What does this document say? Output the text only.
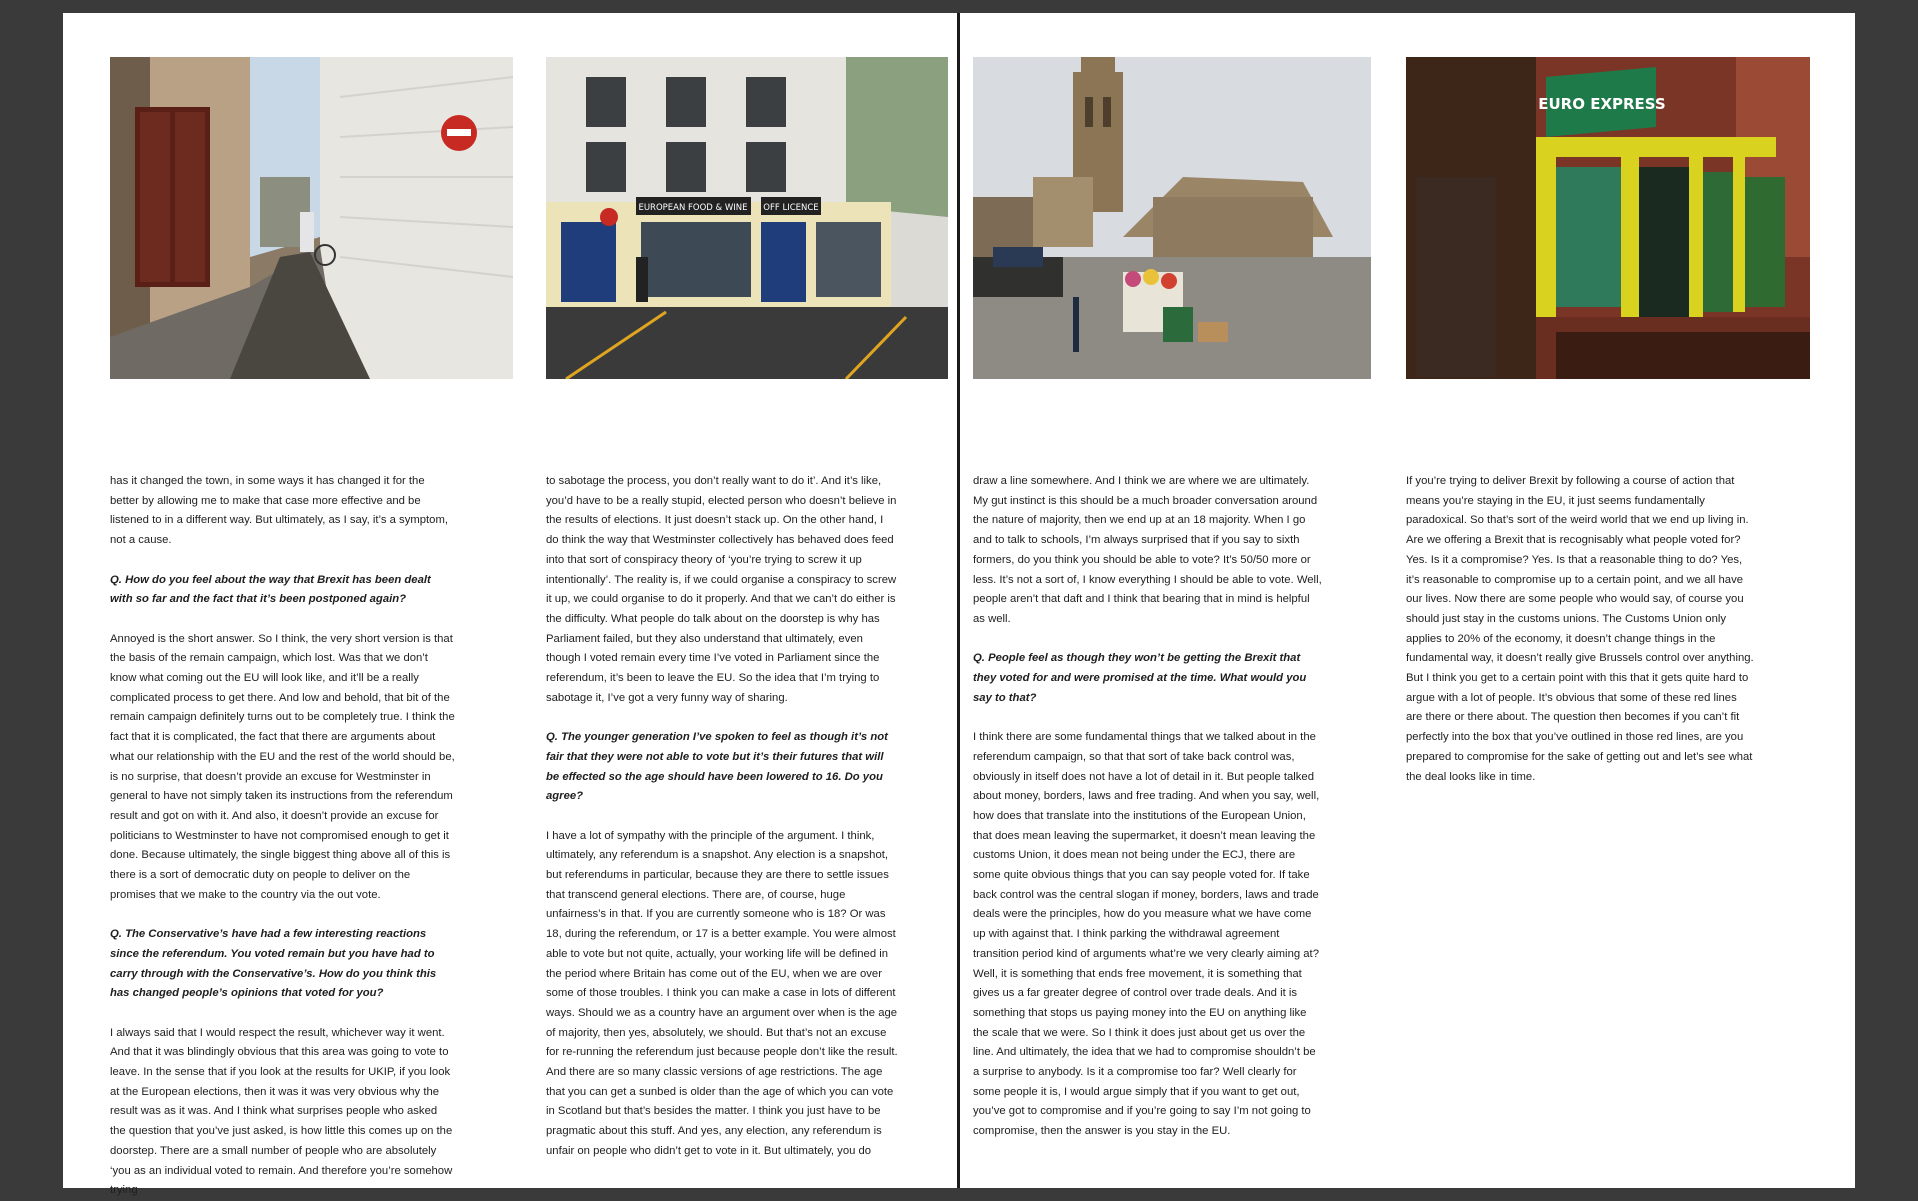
EUROPEAN FOOD & WINE OFF LICENCE
EURO EXPRESS

has it changed the town, in some ways it has changed it for the better by allowing me to make that case more effective and be listened to in a different way. But ultimately, as I say, it’s a symptom, not a cause.

Q. How do you feel about the way that Brexit has been dealt with so far and the fact that it’s been postponed again?

Annoyed is the short answer. So I think, the very short version is that the basis of the remain campaign, which lost. Was that we don’t know what coming out the EU will look like, and it’ll be a really complicated process to get there. And low and behold, that bit of the remain campaign definitely turns out to be completely true. I think the fact that it is complicated, the fact that there are arguments about what our relationship with the EU and the rest of the world should be, is no surprise, that doesn’t provide an excuse for Westminster in general to have not simply taken its instructions from the referendum result and got on with it. And also, it doesn’t provide an excuse for politicians to Westminster to have not compromised enough to get it done. Because ultimately, the single biggest thing above all of this is there is a sort of democratic duty on people to deliver on the promises that we make to the country via the out vote.

Q. The Conservative’s have had a few interesting reactions since the referendum. You voted remain but you have had to carry through with the Conservative’s. How do you think this has changed people’s opinions that voted for you?

I always said that I would respect the result, whichever way it went. And that it was blindingly obvious that this area was going to vote to leave. In the sense that if you look at the results for UKIP, if you look at the European elections, then it was it was very obvious why the result was as it was. And I think what surprises people who asked the question that you’ve just asked, is how little this comes up on the doorstep. There are a small number of people who are absolutely ‘you as an individual voted to remain. And therefore you’re somehow trying

to sabotage the process, you don’t really want to do it’. And it’s like, you’d have to be a really stupid, elected person who doesn’t believe in the results of elections. It just doesn’t stack up. On the other hand, I do think the way that Westminster collectively has behaved does feed into that sort of conspiracy theory of ‘you’re trying to screw it up intentionally’. The reality is, if we could organise a conspiracy to screw it up, we could organise to do it properly. And that we can’t do either is the difficulty. What people do talk about on the doorstep is why has Parliament failed, but they also understand that ultimately, even though I voted remain every time I’ve voted in Parliament since the referendum, it’s been to leave the EU. So the idea that I’m trying to sabotage it, I’ve got a very funny way of sharing.

Q. The younger generation I’ve spoken to feel as though it’s not fair that they were not able to vote but it’s their futures that will be effected so the age should have been lowered to 16. Do you agree?

I have a lot of sympathy with the principle of the argument. I think, ultimately, any referendum is a snapshot. Any election is a snapshot, but referendums in particular, because they are there to settle issues that transcend general elections. There are, of course, huge unfairness’s in that. If you are currently someone who is 18? Or was 18, during the referendum, or 17 is a better example. You were almost able to vote but not quite, actually, your working life will be defined in the period where Britain has come out of the EU, when we are over some of those troubles. I think you can make a case in lots of different ways. Should we as a country have an argument over when is the age of majority, then yes, absolutely, we should. But that’s not an excuse for re-running the referendum just because people don’t like the result. And there are so many classic versions of age restrictions. The age that you can get a sunbed is older than the age of which you can vote in Scotland but that’s besides the matter. I think you just have to be pragmatic about this stuff. And yes, any election, any referendum is unfair on people who didn’t get to vote in it. But ultimately, you do

draw a line somewhere. And I think we are where we are ultimately. My gut instinct is this should be a much broader conversation around the nature of majority, then we end up at an 18 majority. When I go and to talk to schools, I’m always surprised that if you say to sixth formers, do you think you should be able to vote? It’s 50/50 more or less. It’s not a sort of, I know everything I should be able to vote. Well, people aren’t that daft and I think that bearing that in mind is helpful as well.

Q. People feel as though they won’t be getting the Brexit that they voted for and were promised at the time. What would you say to that?

I think there are some fundamental things that we talked about in the referendum campaign, so that that sort of take back control was, obviously in itself does not have a lot of detail in it. But people talked about money, borders, laws and free trading. And when you say, well, how does that translate into the institutions of the European Union, that does mean leaving the supermarket, it doesn’t mean leaving the customs Union, it does mean not being under the ECJ, there are some quite obvious things that you can say people voted for. If take back control was the central slogan if money, borders, laws and trade deals were the principles, how do you measure what we have come up with against that. I think parking the withdrawal agreement transition period kind of arguments what’re we very clearly aiming at? Well, it is something that ends free movement, it is something that gives us a far greater degree of control over trade deals. And it is something that stops us paying money into the EU on anything like the scale that we were. So I think it does just about get us over the line. And ultimately, the idea that we had to compromise shouldn’t be a surprise to anybody. Is it a compromise too far? Well clearly for some people it is, I would argue simply that if you want to get out, you’ve got to compromise and if you’re going to say I’m not going to compromise, then the answer is you stay in the EU.

If you’re trying to deliver Brexit by following a course of action that means you’re staying in the EU, it just seems fundamentally paradoxical. So that’s sort of the weird world that we end up living in. Are we offering a Brexit that is recognisably what people voted for? Yes. Is it a compromise? Yes. Is that a reasonable thing to do? Yes, it’s reasonable to compromise up to a certain point, and we all have our lives. Now there are some people who would say, of course you should just stay in the customs unions. The Customs Union only applies to 20% of the economy, it doesn’t change things in the fundamental way, it doesn’t really give Brussels control over anything. But I think you get to a certain point with this that it gets quite hard to argue with a lot of people. It’s obvious that some of these red lines are there or there about. The question then becomes if you can’t fit perfectly into the box that you’ve outlined in those red lines, are you prepared to compromise for the sake of getting out and let’s see what the deal looks like in time.
